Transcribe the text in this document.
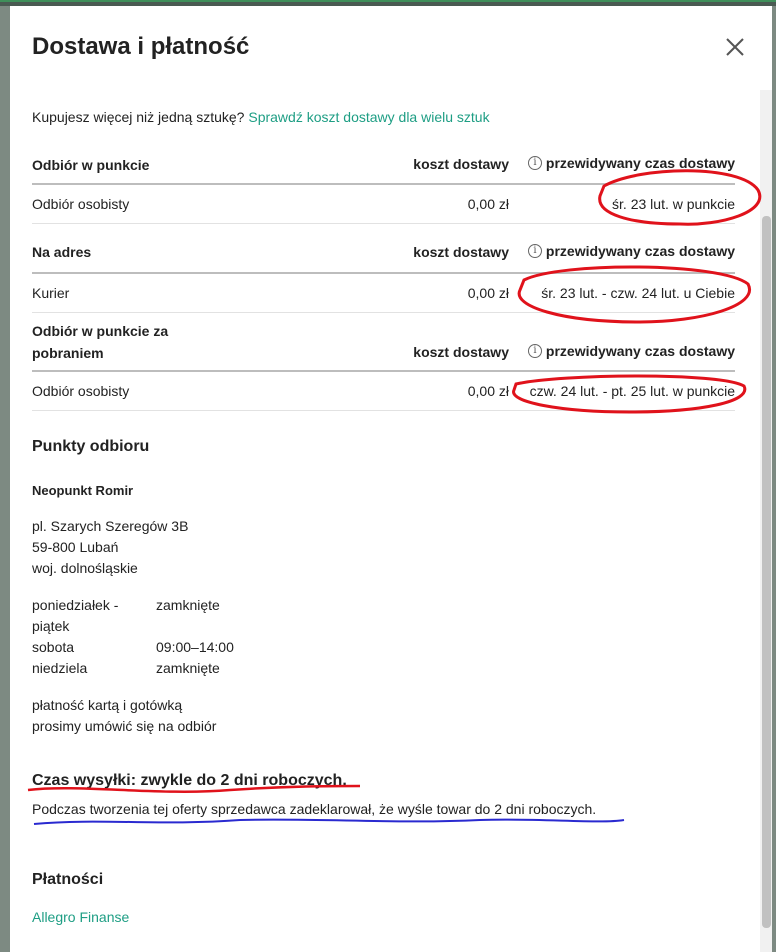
Dostawa i płatność
Kupujesz więcej niż jedną sztukę? Sprawdź koszt dostawy dla wielu sztuk
Odbiór w punkcie	koszt dostawy	i przewidywany czas dostawy
Odbiór osobisty	0,00 zł	śr. 23 lut. w punkcie
Na adres	koszt dostawy	i przewidywany czas dostawy
Kurier	0,00 zł śr. 23 lut. - czw. 24 lut. u Ciebie
Odbiór w punkcie za
pobraniem	koszt dostawy	i przewidywany czas dostawy
Odbiór osobisty	0,00 zł czw. 24 lut. - pt. 25 lut. w punkcie
Punkty odbioru
Neopunkt Romir
pl. Szarych Szeregów 3B
59-800 Lubań
woj. dolnośląskie
poniedziałek -	zamknięte
piątek
sobota	09:00–14:00
niedziela	zamknięte
płatność kartą i gotówką
prosimy umówić się na odbiór
Czas wysyłki: zwykle do 2 dni roboczych.
Podczas tworzenia tej oferty sprzedawca zadeklarował, że wyśle towar do 2 dni roboczych.
Płatności
Allegro Finanse
